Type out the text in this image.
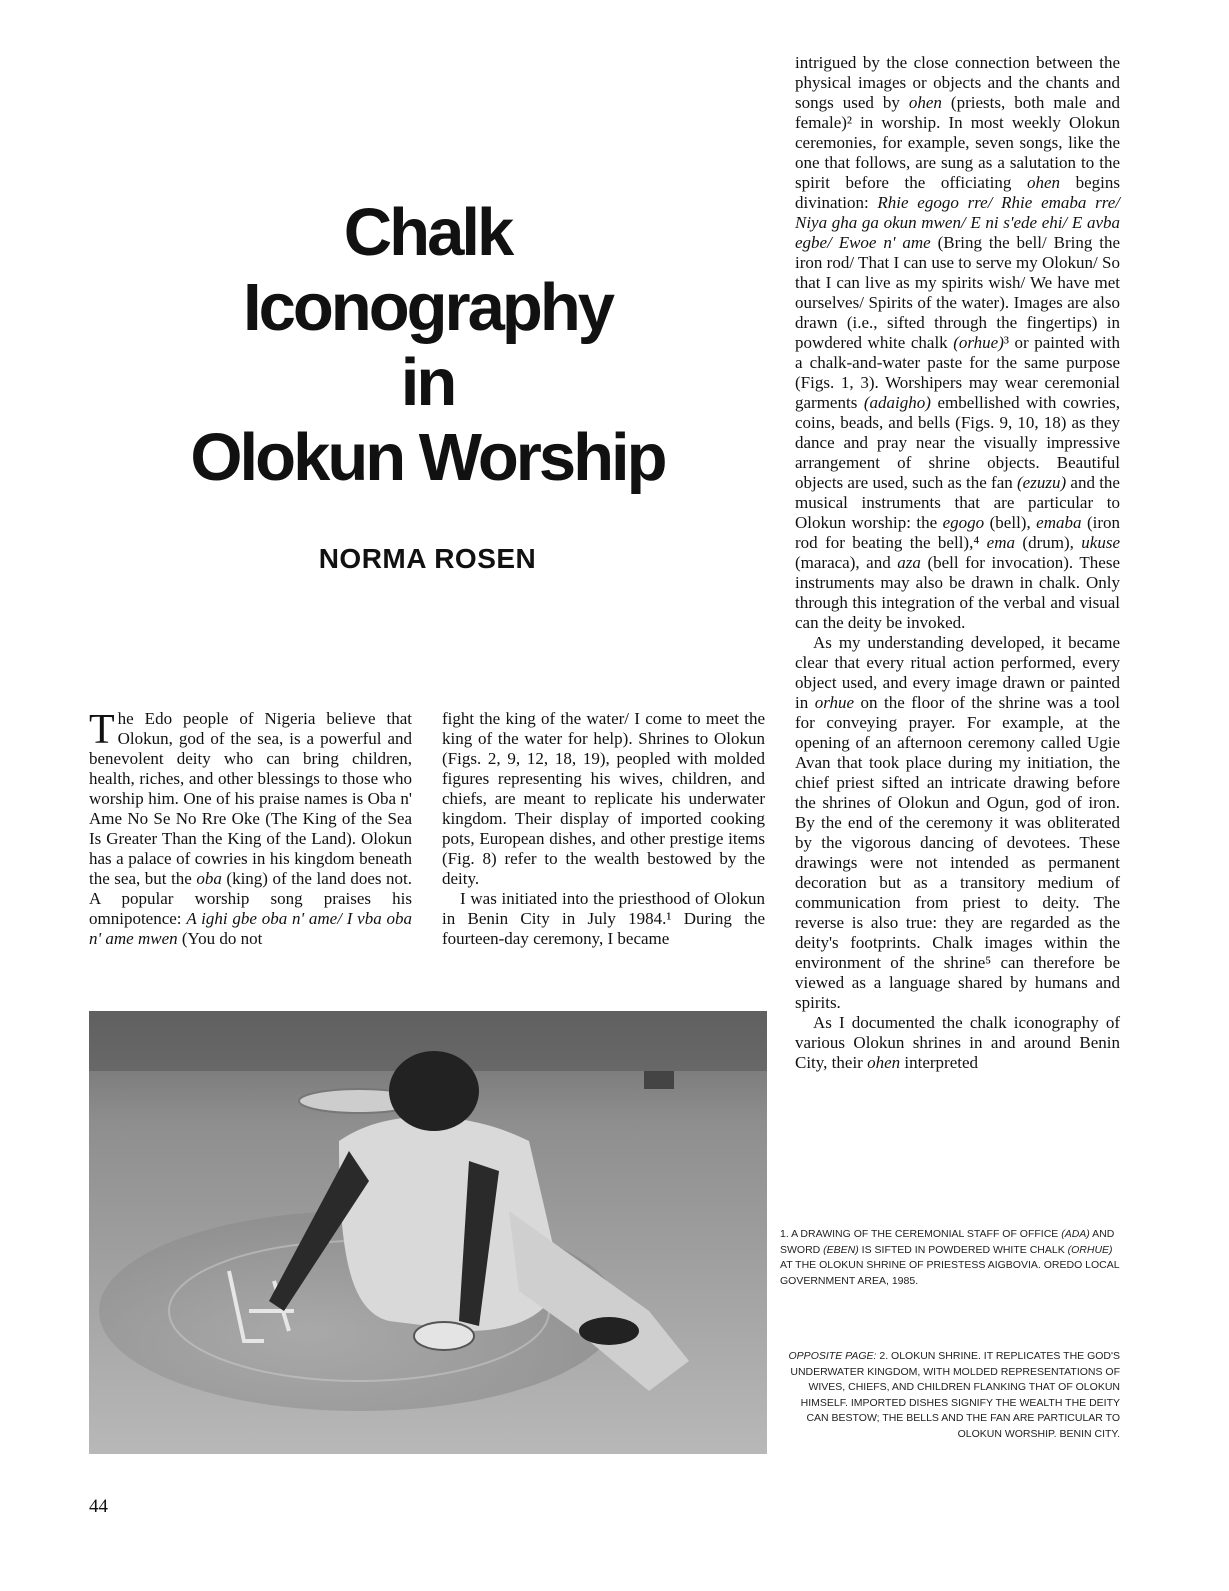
Chalk
Iconography
in
Olokun Worship
NORMA ROSEN

The Edo people of Nigeria believe that Olokun, god of the sea, is a powerful and benevolent deity who can bring children, health, riches, and other blessings to those who worship him. One of his praise names is Oba n' Ame No Se No Rre Oke (The King of the Sea Is Greater Than the King of the Land). Olokun has a palace of cowries in his kingdom beneath the sea, but the oba (king) of the land does not. A popular worship song praises his omnipotence: A ighi gbe oba n' ame/ I vba oba n' ame mwen (You do not

fight the king of the water/ I come to meet the king of the water for help). Shrines to Olokun (Figs. 2, 9, 12, 18, 19), peopled with molded figures representing his wives, children, and chiefs, are meant to replicate his underwater kingdom. Their display of imported cooking pots, European dishes, and other prestige items (Fig. 8) refer to the wealth bestowed by the deity.

I was initiated into the priesthood of Olokun in Benin City in July 1984.¹ During the fourteen-day ceremony, I became

intrigued by the close connection between the physical images or objects and the chants and songs used by ohen (priests, both male and female)² in worship. In most weekly Olokun ceremonies, for example, seven songs, like the one that follows, are sung as a salutation to the spirit before the officiating ohen begins divination: Rhie egogo rre/ Rhie emaba rre/ Niya gha ga okun mwen/ E ni s'ede ehi/ E avba egbe/ Ewoe n' ame (Bring the bell/ Bring the iron rod/ That I can use to serve my Olokun/ So that I can live as my spirits wish/ We have met ourselves/ Spirits of the water). Images are also drawn (i.e., sifted through the fingertips) in powdered white chalk (orhue)³ or painted with a chalk-and-water paste for the same purpose (Figs. 1, 3). Worshipers may wear ceremonial garments (adaigho) embellished with cowries, coins, beads, and bells (Figs. 9, 10, 18) as they dance and pray near the visually impressive arrangement of shrine objects. Beautiful objects are used, such as the fan (ezuzu) and the musical instruments that are particular to Olokun worship: the egogo (bell), emaba (iron rod for beating the bell),⁴ ema (drum), ukuse (maraca), and aza (bell for invocation). These instruments may also be drawn in chalk. Only through this integration of the verbal and visual can the deity be invoked.

As my understanding developed, it became clear that every ritual action performed, every object used, and every image drawn or painted in orhue on the floor of the shrine was a tool for conveying prayer. For example, at the opening of an afternoon ceremony called Ugie Avan that took place during my initiation, the chief priest sifted an intricate drawing before the shrines of Olokun and Ogun, god of iron. By the end of the ceremony it was obliterated by the vigorous dancing of devotees. These drawings were not intended as permanent decoration but as a transitory medium of communication from priest to deity. The reverse is also true: they are regarded as the deity's footprints. Chalk images within the environment of the shrine⁵ can therefore be viewed as a language shared by humans and spirits.

As I documented the chalk iconography of various Olokun shrines in and around Benin City, their ohen interpreted

1. A DRAWING OF THE CEREMONIAL STAFF OF OFFICE (ADA) AND SWORD (EBEN) IS SIFTED IN POWDERED WHITE CHALK (ORHUE) AT THE OLOKUN SHRINE OF PRIESTESS AIGBOVIA. OREDO LOCAL GOVERNMENT AREA, 1985.
OPPOSITE PAGE: 2. OLOKUN SHRINE. IT REPLICATES THE GOD'S UNDERWATER KINGDOM, WITH MOLDED REPRESENTATIONS OF WIVES, CHIEFS, AND CHILDREN FLANKING THAT OF OLOKUN HIMSELF. IMPORTED DISHES SIGNIFY THE WEALTH THE DEITY CAN BESTOW; THE BELLS AND THE FAN ARE PARTICULAR TO OLOKUN WORSHIP. BENIN CITY.
44
